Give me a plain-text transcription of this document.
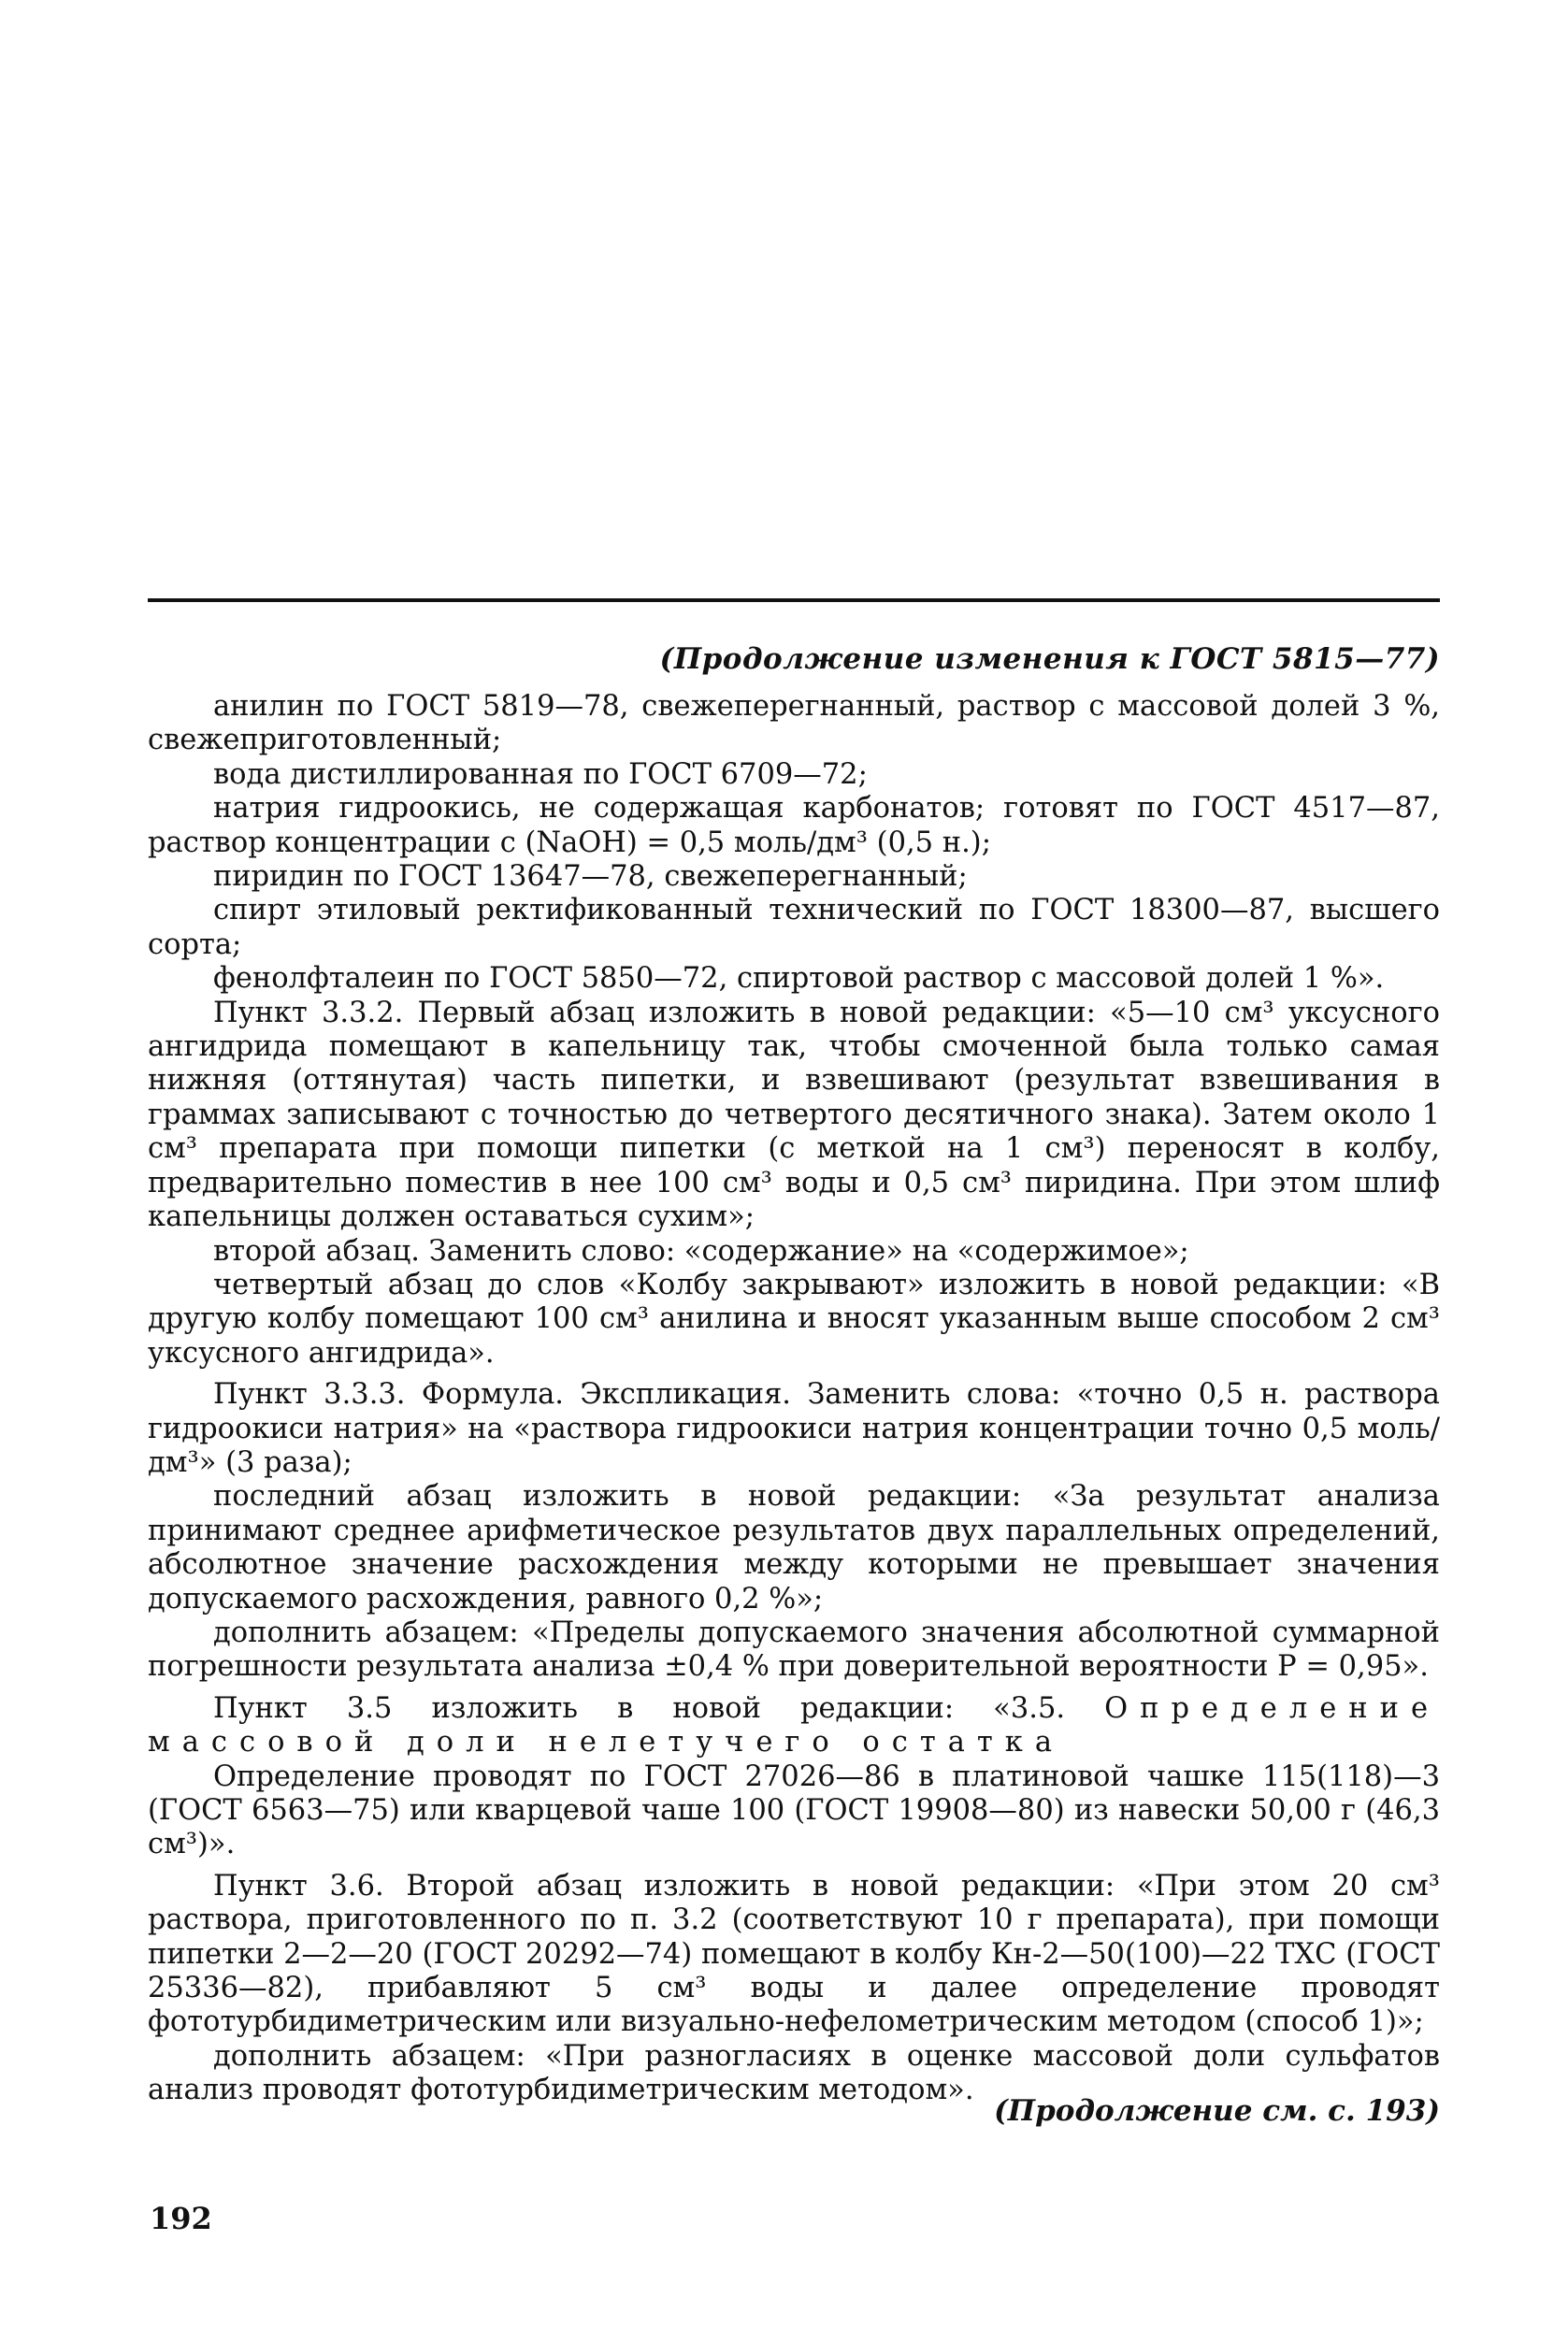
(Продолжение изменения к ГОСТ 5815—77)

анилин по ГОСТ 5819—78, свежеперегнанный, раствор с массовой долей 3 %, свежеприготовленный;

вода дистиллированная по ГОСТ 6709—72;

натрия гидроокись, не содержащая карбонатов; готовят по ГОСТ 4517—87, раствор концентрации с (NaOH) = 0,5 моль/дм³ (0,5 н.);

пиридин по ГОСТ 13647—78, свежеперегнанный;

спирт этиловый ректификованный технический по ГОСТ 18300—87, высшего сорта;

фенолфталеин по ГОСТ 5850—72, спиртовой раствор с массовой долей 1 %».

Пункт 3.3.2. Первый абзац изложить в новой редакции: «5—10 см³ уксусного ангидрида помещают в капельницу так, чтобы смоченной была только самая нижняя (оттянутая) часть пипетки, и взвешивают (результат взвешивания в граммах записывают с точностью до четвертого десятичного знака). Затем около 1 см³ препарата при помощи пипетки (с меткой на 1 см³) переносят в колбу, предварительно поместив в нее 100 см³ воды и 0,5 см³ пиридина. При этом шлиф капельницы должен оставаться сухим»;

второй абзац. Заменить слово: «содержание» на «содержимое»;

четвертый абзац до слов «Колбу закрывают» изложить в новой редакции: «В другую колбу помещают 100 см³ анилина и вносят указанным выше способом 2 см³ уксусного ангидрида».

Пункт 3.3.3. Формула. Экспликация. Заменить слова: «точно 0,5 н. раствора гидроокиси натрия» на «раствора гидроокиси натрия концентрации точно 0,5 моль/дм³» (3 раза);

последний абзац изложить в новой редакции: «За результат анализа принимают среднее арифметическое результатов двух параллельных определений, абсолютное значение расхождения между которыми не превышает значения допускаемого расхождения, равного 0,2 %»;

дополнить абзацем: «Пределы допускаемого значения абсолютной суммарной погрешности результата анализа ±0,4 % при доверительной вероятности Р = 0,95».

Пункт 3.5 изложить в новой редакции: «3.5. Определение массовой доли нелетучего остатка

Определение проводят по ГОСТ 27026—86 в платиновой чашке 115(118)—3 (ГОСТ 6563—75) или кварцевой чаше 100 (ГОСТ 19908—80) из навески 50,00 г (46,3 см³)».

Пункт 3.6. Второй абзац изложить в новой редакции: «При этом 20 см³ раствора, приготовленного по п. 3.2 (соответствуют 10 г препарата), при помощи пипетки 2—2—20 (ГОСТ 20292—74) помещают в колбу Кн-2—50(100)—22 ТХС (ГОСТ 25336—82), прибавляют 5 см³ воды и далее определение проводят фототурбидиметрическим или визуально-нефелометрическим методом (способ 1)»;

дополнить абзацем: «При разногласиях в оценке массовой доли сульфатов анализ проводят фототурбидиметрическим методом».

(Продолжение см. с. 193)
192
